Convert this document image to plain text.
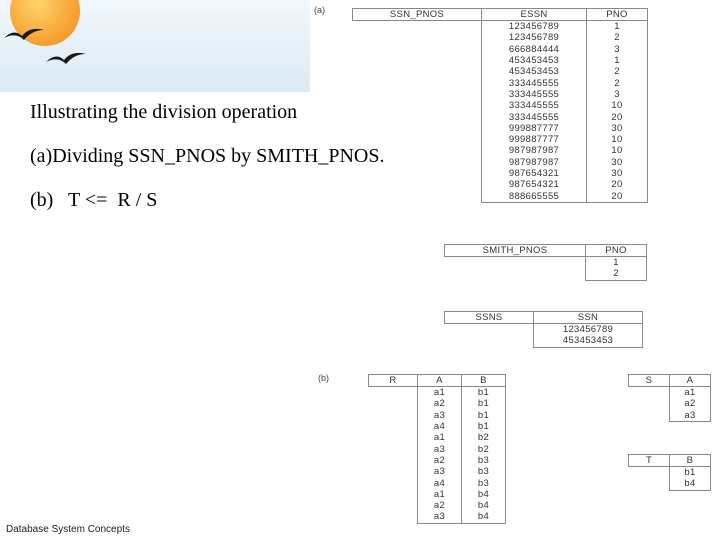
Illustrating the division operation
(a)Dividing SSN_PNOS by SMITH_PNOS.
(b)   T <=  R / S
Database System Concepts
(a)
(b)
SSN_PNOS	ESSN	PNO
	123456789	1
	123456789	2
	666884444	3
	453453453	1
	453453453	2
	333445555	2
	333445555	3
	333445555	10
	333445555	20
	999887777	30
	999887777	10
	987987987	10
	987987987	30
	987654321	30
	987654321	20
	888665555	20
SMITH_PNOS	PNO
	1
	2
SSNS	SSN
	123456789
	453453453
R	A	B
	a1	b1
	a2	b1
	a3	b1
	a4	b1
	a1	b2
	a3	b2
	a2	b3
	a3	b3
	a4	b3
	a1	b4
	a2	b4
	a3	b4
S	A
	a1
	a2
	a3
T	B
	b1
	b4
